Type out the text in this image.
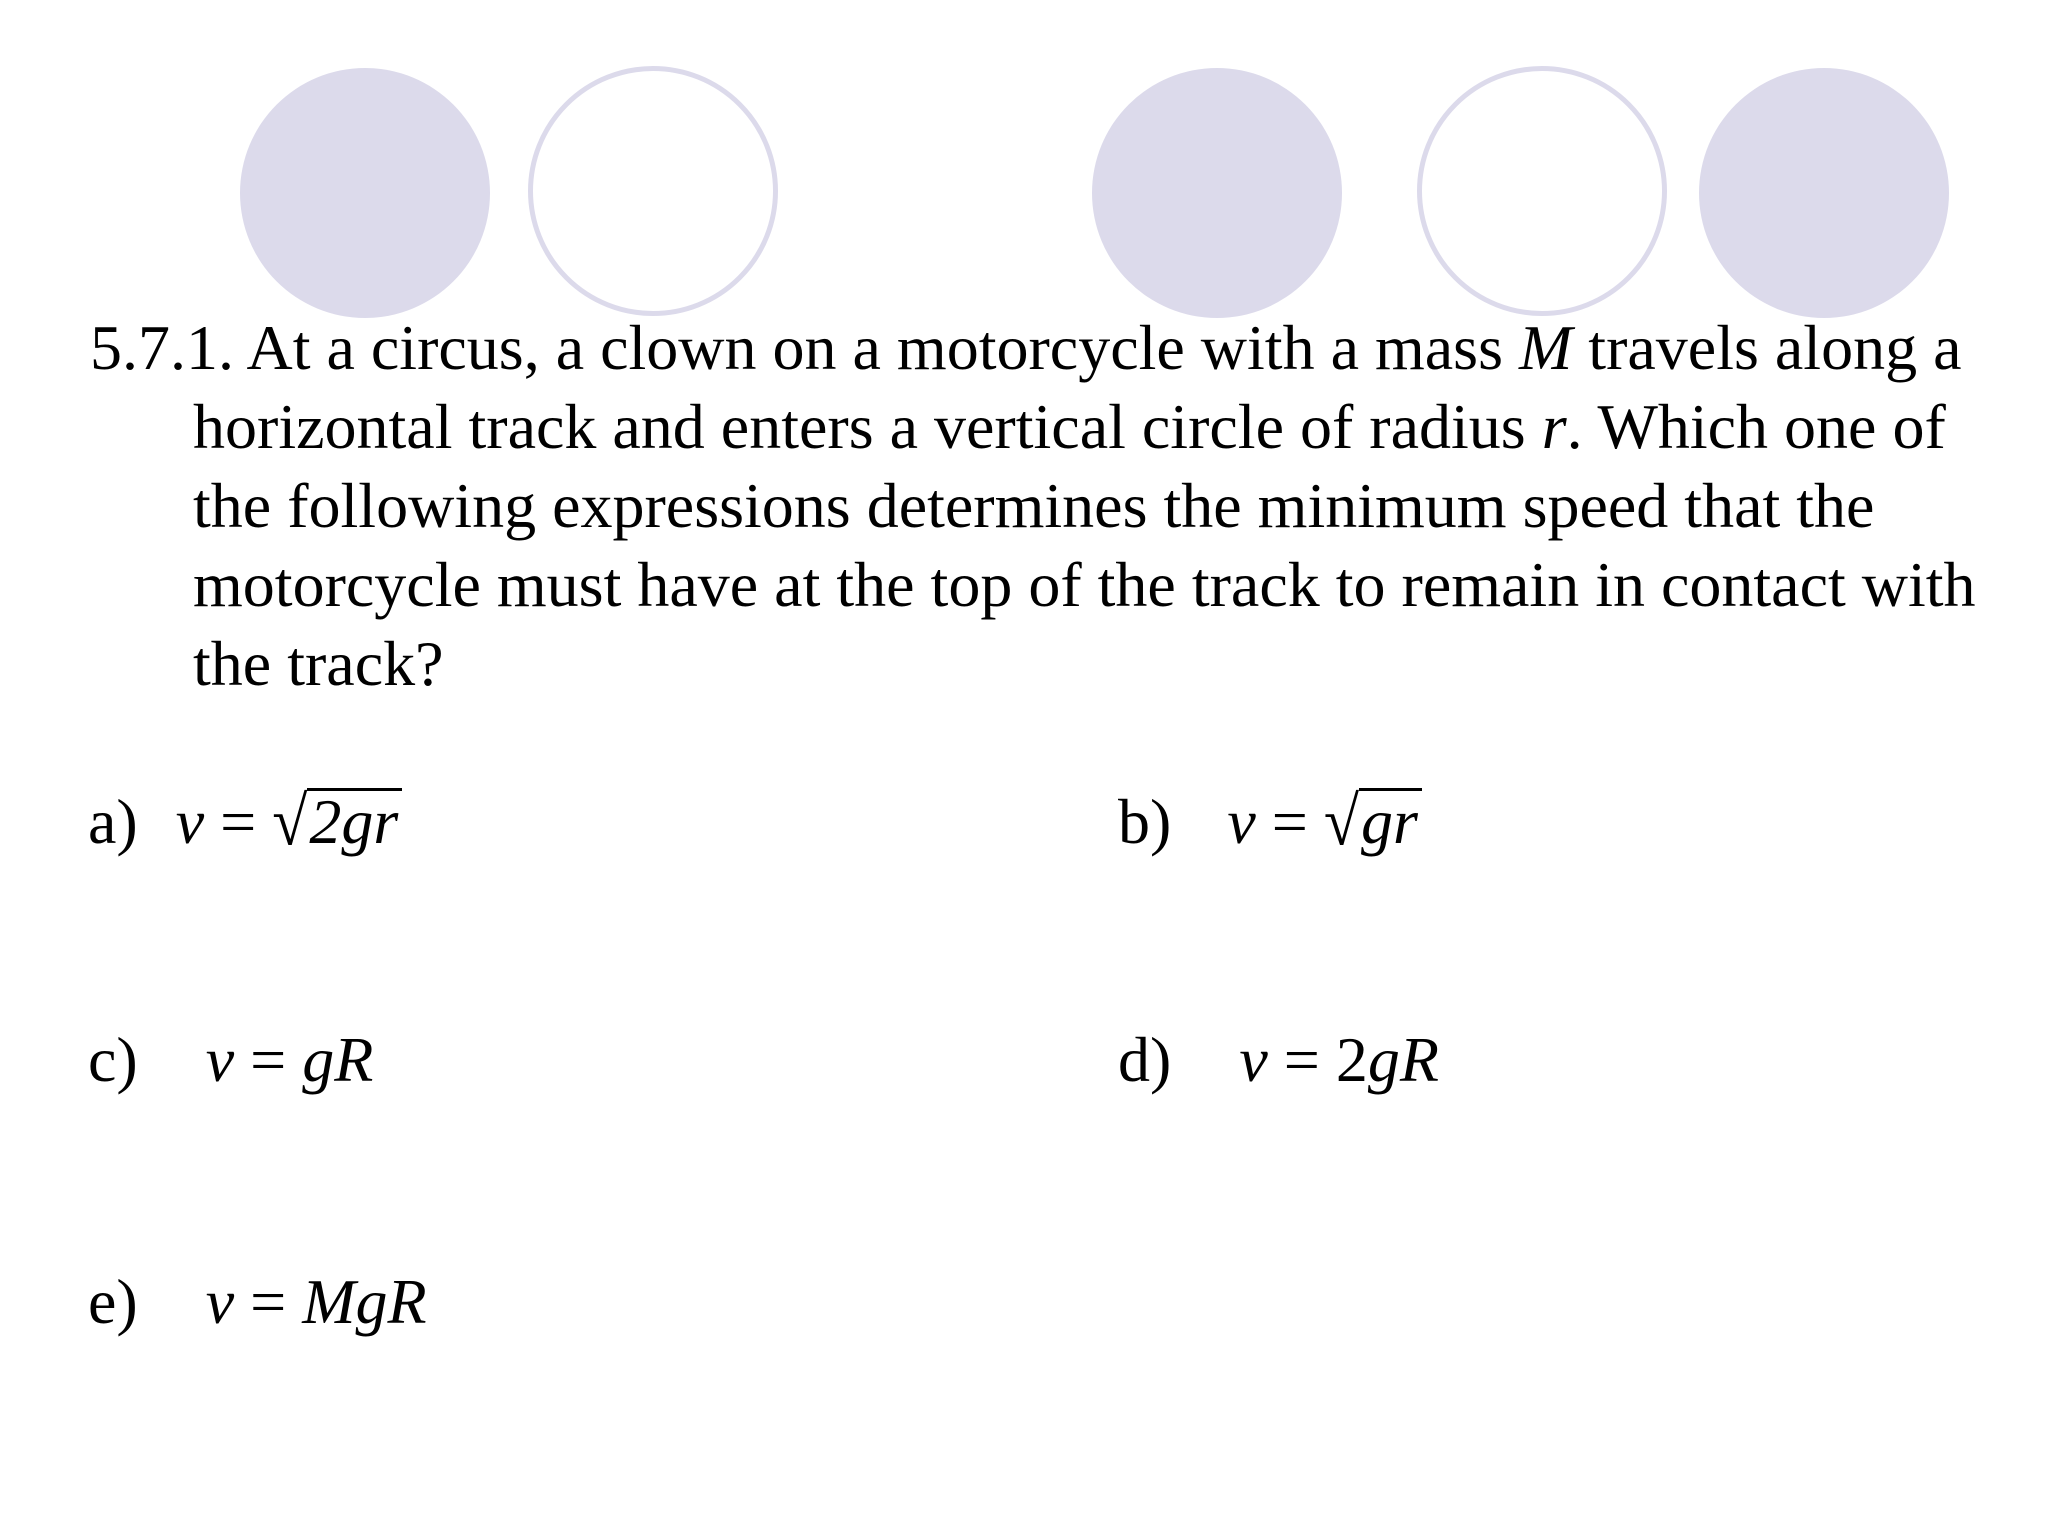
5.7.1. At a circus, a clown on a motorcycle with a mass M travels along a
horizontal track and enters a vertical circle of radius r. Which one of
the following expressions determines the minimum speed that the
motorcycle must have at the top of the track to remain in contact with
the track?
a) v = √2gr	b) v = √gr
c) v = gR	d) v = 2gR
e) v = MgR
